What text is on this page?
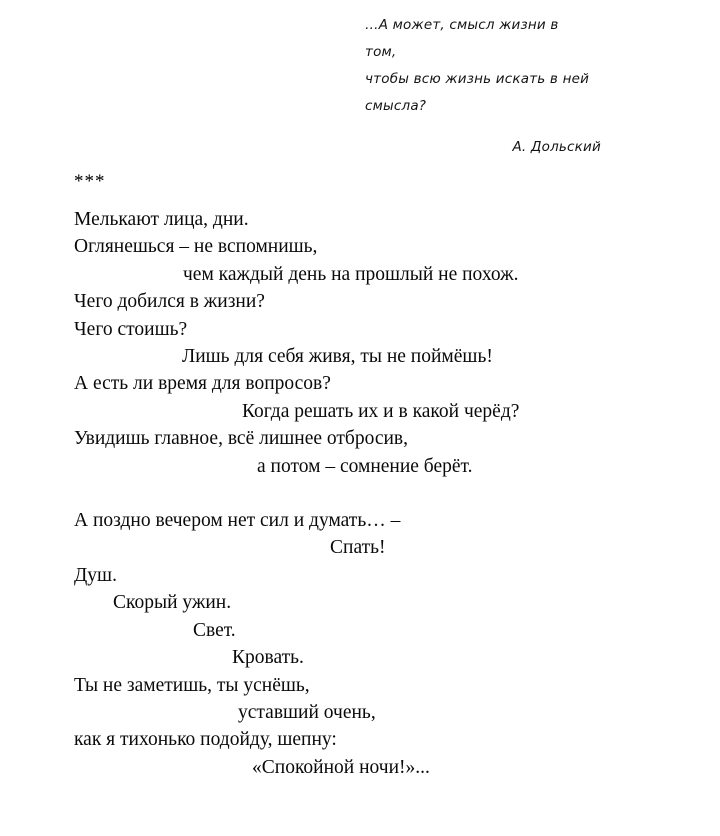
…А может, смысл жизни в
том,
чтобы всю жизнь искать в ней
смысла?
А. Дольский
***
Мелькают лица, дни.
Оглянешься – не вспомнишь,
чем каждый день на прошлый не похож.
Чего добился в жизни?
Чего стоишь?
Лишь для себя живя, ты не поймёшь!
А есть ли время для вопросов?
Когда решать их и в какой черёд?
Увидишь главное, всё лишнее отбросив,
а потом – сомнение берёт.
А поздно вечером нет сил и думать… –
Спать!
Душ.
Скорый ужин.
Свет.
Кровать.
Ты не заметишь, ты уснёшь,
уставший очень,
как я тихонько подойду, шепну:
«Спокойной ночи!»...
